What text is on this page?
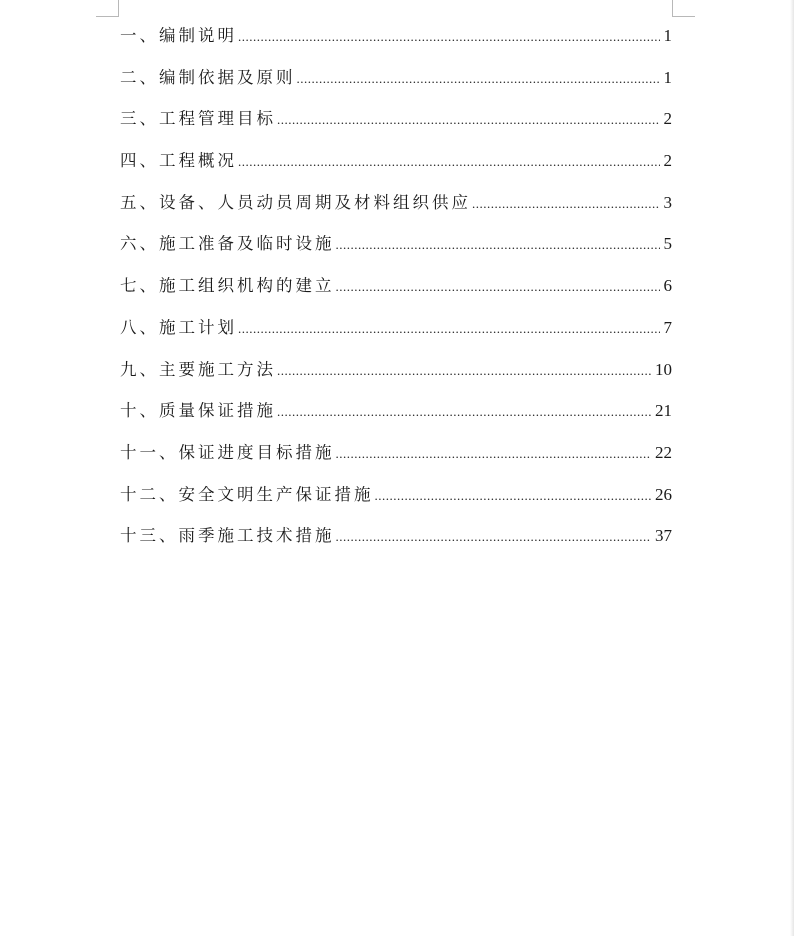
一、编制说明 .....	1
二、编制依据及原则 .....	1
三、工程管理目标 .....	2
四、工程概况 .....	2
五、设备、人员动员周期及材料组织供应 .....	3
六、施工准备及临时设施 .....	5
七、施工组织机构的建立 .....	6
八、施工计划 .....	7
九、主要施工方法 .....	10
十、质量保证措施 .....	21
十一、保证进度目标措施 .....	22
十二、安全文明生产保证措施 .....	26
十三、雨季施工技术措施 .....	37
